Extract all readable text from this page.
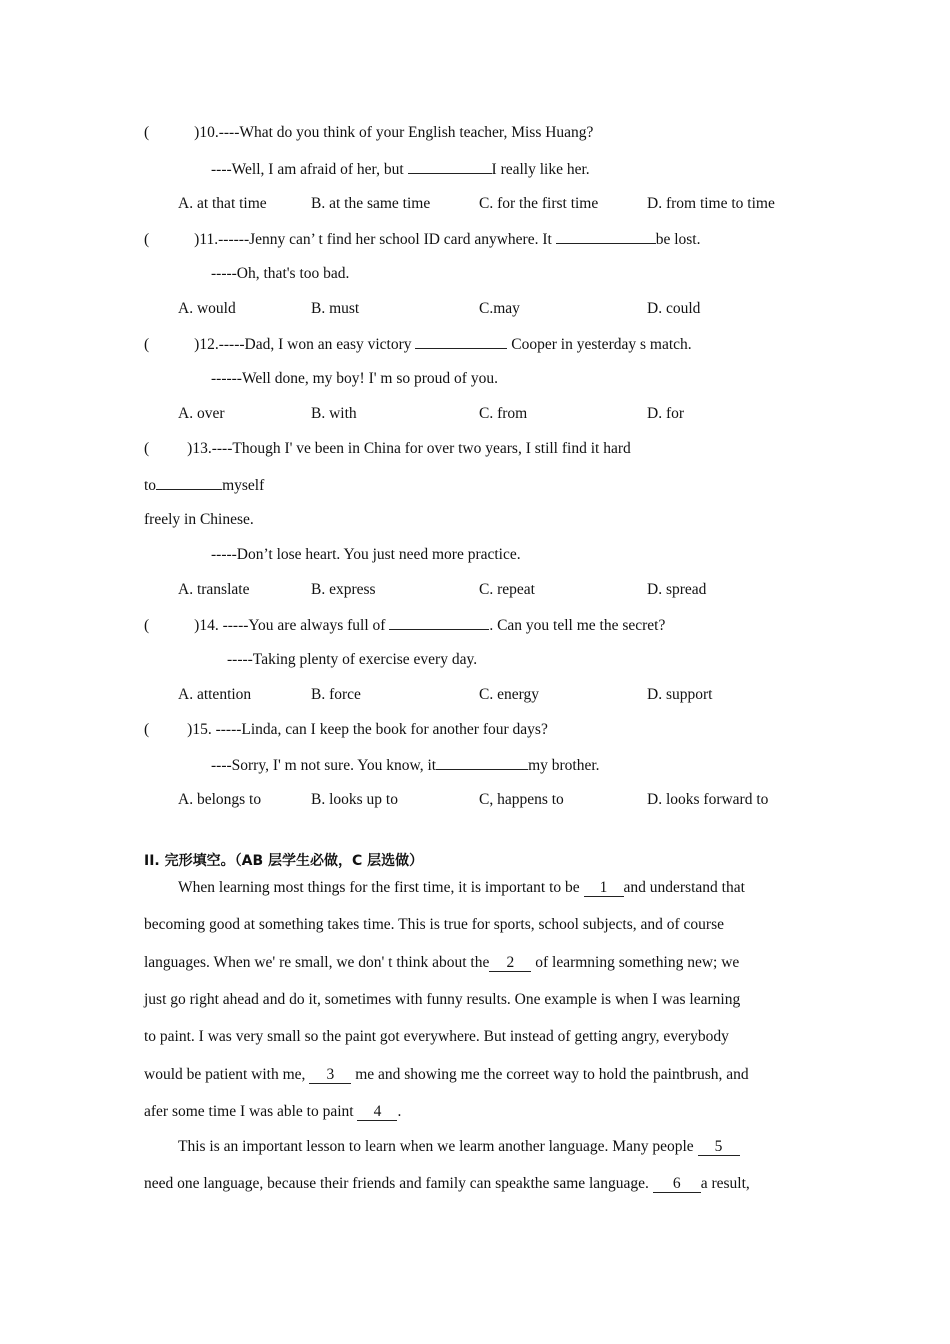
(	)10.----What do you think of your English teacher, Miss Huang?
----Well, I am afraid of her, but	I really like her.
A. at that time	B. at the same time	C. for the first time	D. from time to time
(	)11.------Jenny can’ t find her school ID card anywhere. It	be lost.
-----Oh, that's too bad.
A. would	B. must	C.may	D. could
(	)12.-----Dad, I won an easy victory	Cooper in yesterday s match.
------Well done, my boy! I' m so proud of you.
A. over	B. with	C. from	D. for
( )13.----Though I' ve been in China for over two years, I still find it hard
to	myself
freely in Chinese.
-----Don’t lose heart. You just need more practice.
A. translate	B. express	C. repeat	D. spread
(	)14. -----You are always full of	. Can you tell me the secret?
-----Taking plenty of exercise every day.
A. attention	B. force	C. energy	D. support
( )15. -----Linda, can I keep the book for another four days?
----Sorry, I' m not sure. You know, it	my brother.
A. belongs to	B. looks up to	C, happens to	D. looks forward to
II. 完形填空。（AB 层学生必做，C 层选做）
When learning most things for the first time, it is important to be 1 and understand that
becoming good at something takes time. This is true for sports, school subjects, and of course
languages. When we' re small, we don' t think about the 2 of learmning something new; we
just go right ahead and do it, sometimes with funny results. One example is when I was learning
to paint. I was very small so the paint got everywhere. But instead of getting angry, everybody
would be patient with me, 3 me and showing me the correet way to hold the paintbrush, and
afer some time I was able to paint 4 .
This is an important lesson to learn when we learm another language. Many people 5
need one language, because their friends and family can speakthe same language. 6 a result,
